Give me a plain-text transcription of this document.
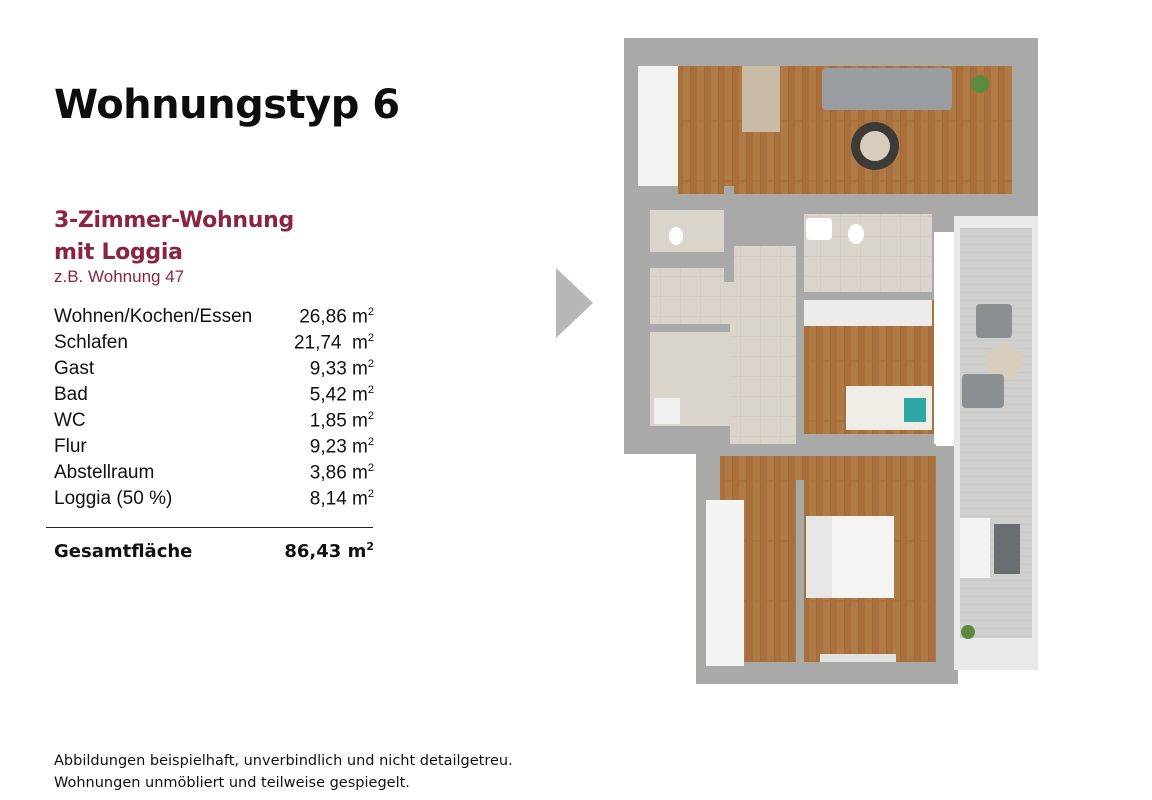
Wohnungstyp 6
3-Zimmer-Wohnung
mit Loggia
z.B. Wohnung 47
Wohnen/Kochen/Essen 26,86 $m^2$
Schlafen	21,74  $m^2$
Gast	9,33 $m^2$
Bad	5,42 $m^2$
WC	1,85 $m^2$
Flur	9,23 $m^2$
Abstellraum	3,86 $m^2$
Loggia (50 %)	8,14 $m^2$
Gesamtfläche	86,43 $m^2$
Abbildungen beispielhaft, unverbindlich und nicht detailgetreu.
Wohnungen unmöbliert und teilweise gespiegelt.
